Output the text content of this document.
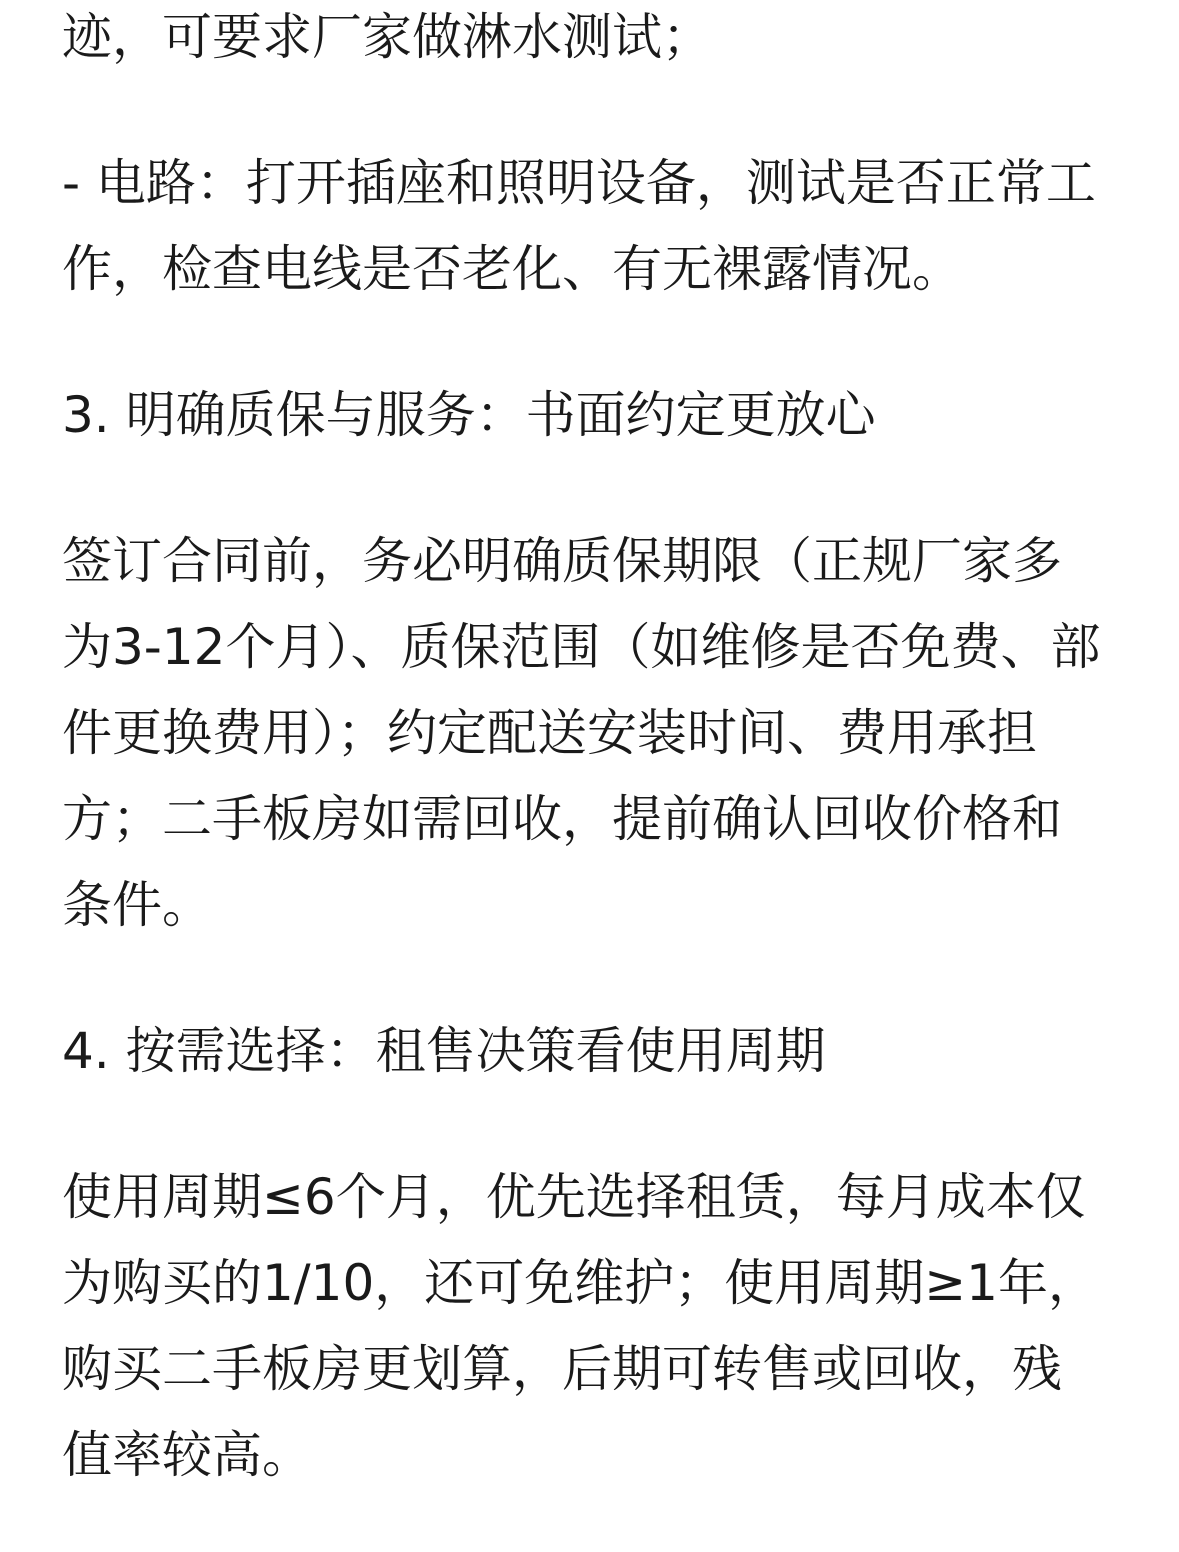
迹，可要求厂家做淋水测试；
- 电路：打开插座和照明设备，测试是否正常工
作，检查电线是否老化、有无裸露情况。
3. 明确质保与服务：书面约定更放心
签订合同前，务必明确质保期限（正规厂家多
为3-12个月）、质保范围（如维修是否免费、部
件更换费用）；约定配送安装时间、费用承担
方；二手板房如需回收，提前确认回收价格和
条件。
4. 按需选择：租售决策看使用周期
使用周期≤6个月，优先选择租赁，每月成本仅
为购买的1/10，还可免维护；使用周期≥1年，
购买二手板房更划算，后期可转售或回收，残
值率较高。
